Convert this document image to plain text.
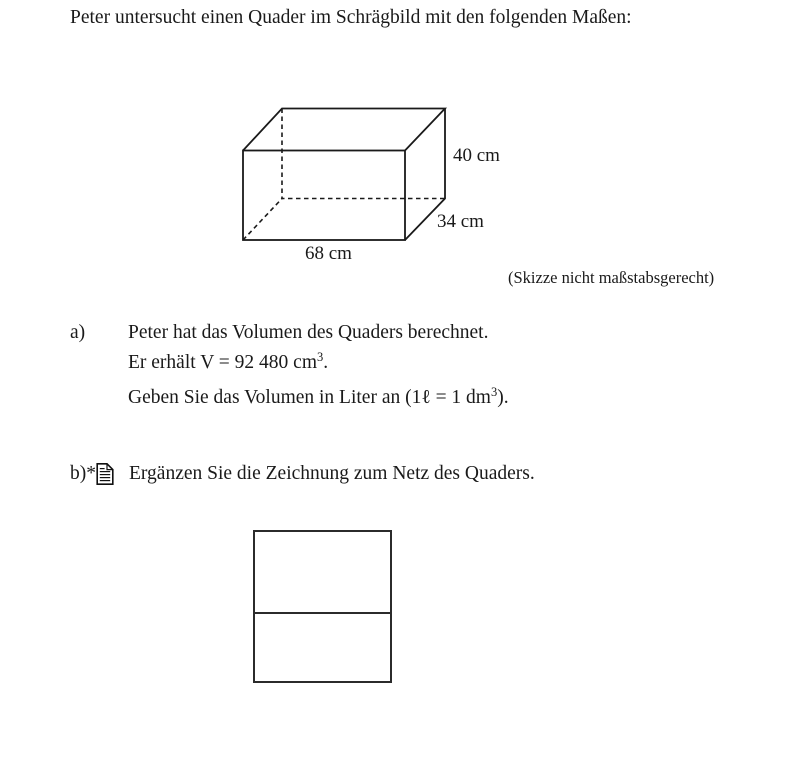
Peter untersucht einen Quader im Schrägbild mit den folgenden Maßen:
40 cm
34 cm
68 cm
(Skizze nicht maßstabsgerecht)
a) Peter hat das Volumen des Quaders berechnet.
Er erhält V = 92 480 cm3.
Geben Sie das Volumen in Liter an (1ℓ = 1 dm3).
b)* Ergänzen Sie die Zeichnung zum Netz des Quaders.
